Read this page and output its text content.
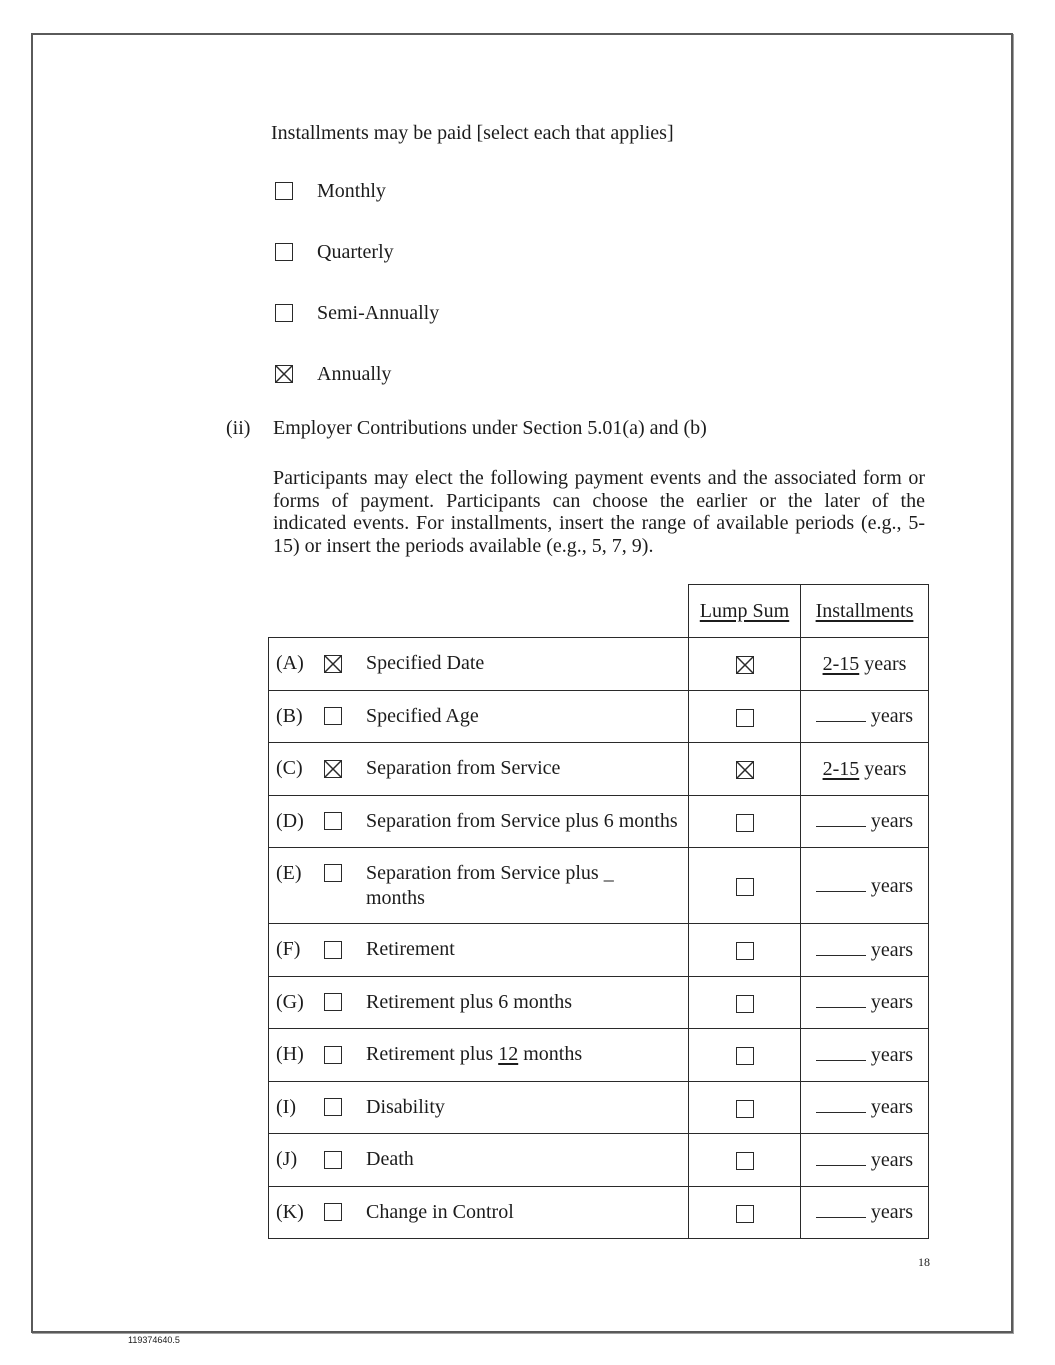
Installments may be paid [select each that applies]
Monthly
Quarterly
Semi-Annually
Annually
(ii) Employer Contributions under Section 5.01(a) and (b)
Participants may elect the following payment events and the associated form or
forms of payment. Participants can choose the earlier or the later of the
indicated events. For installments, insert the range of available periods (e.g., 5-
15) or insert the periods available (e.g., 5, 7, 9).
	Lump Sum	Installments

(A) Specified Date		2-15 years

(B) Specified Age		years

(C) Separation from Service		2-15 years

(D) Separation from Service plus 6 months		years

(E) Separation from Service plus _
months		years

(F) Retirement		years

(G) Retirement plus 6 months		years

(H) Retirement plus 12 months		years

(I) Disability		years

(J) Death		years

(K) Change in Control		years
18
119374640.5
